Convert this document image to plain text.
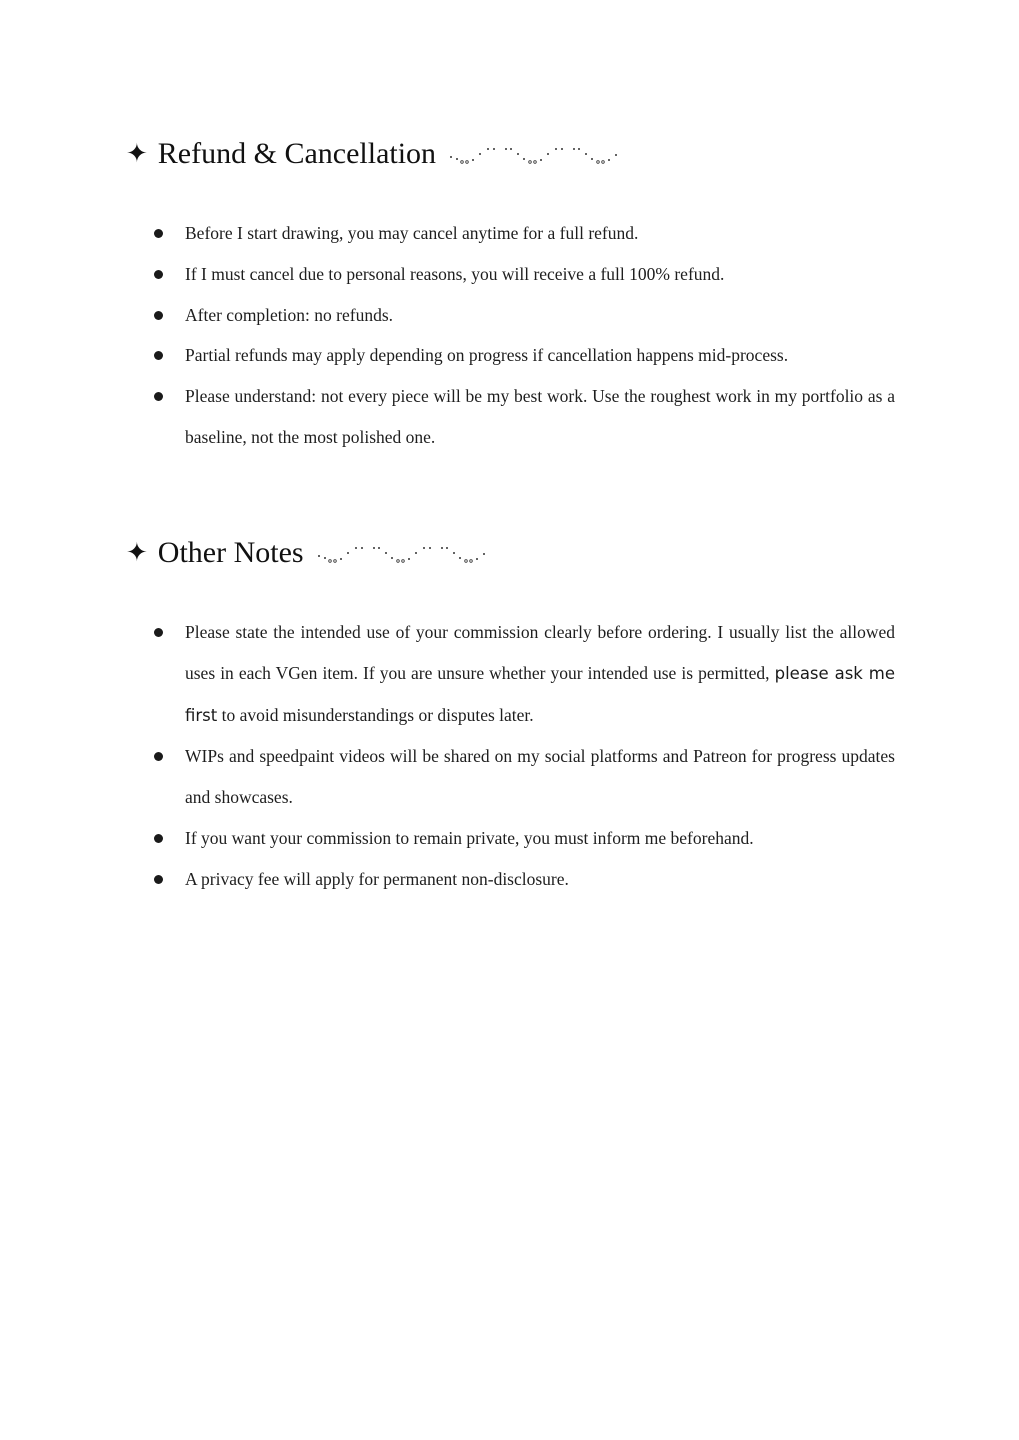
✦ Refund & Cancellation
Before I start drawing, you may cancel anytime for a full refund.
If I must cancel due to personal reasons, you will receive a full 100% refund.
After completion: no refunds.
Partial refunds may apply depending on progress if cancellation happens mid-process.
Please understand: not every piece will be my best work. Use the roughest work in my portfolio as a baseline, not the most polished one.
✦ Other Notes
Please state the intended use of your commission clearly before ordering. I usually list the allowed uses in each VGen item. If you are unsure whether your intended use is permitted, please ask me first to avoid misunderstandings or disputes later.
WIPs and speedpaint videos will be shared on my social platforms and Patreon for progress updates and showcases.
If you want your commission to remain private, you must inform me beforehand.
A privacy fee will apply for permanent non-disclosure.
